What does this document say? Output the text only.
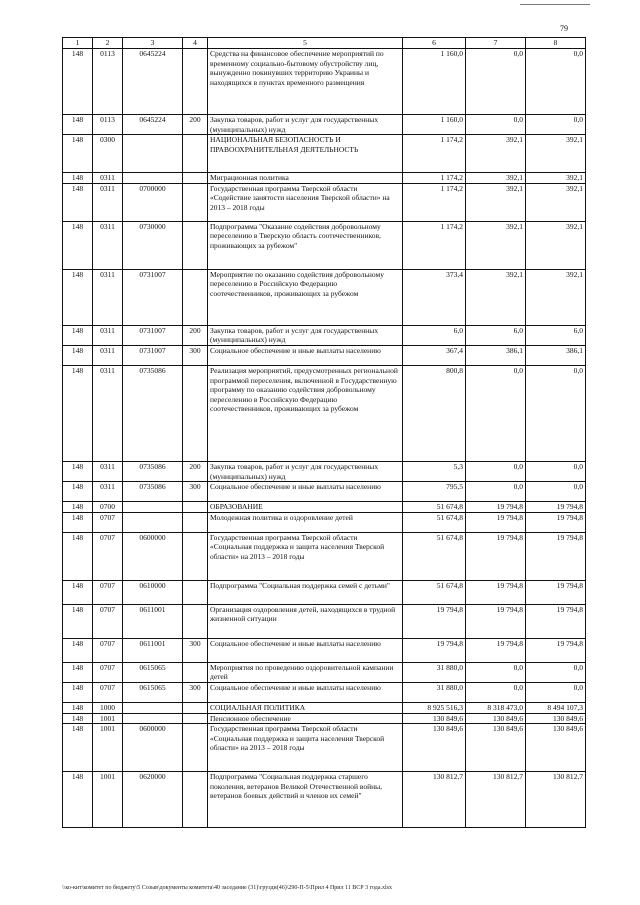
79
1	2	3	4	5	6	7	8
148	0113	0645224		Средства на финансовое обеспечение мероприятий по временному социально-бытовому обустройству лиц, вынужденно покинувших территорию Украины и находящихся в пунктах временного размещения	1 160,0	0,0	0,0
148	0113	0645224	200	Закупка товаров, работ и услуг для государственных (муниципальных) нужд	1 160,0	0,0	0,0
148	0300			НАЦИОНАЛЬНАЯ БЕЗОПАСНОСТЬ И ПРАВООХРАНИТЕЛЬНАЯ ДЕЯТЕЛЬНОСТЬ	1 174,2	392,1	392,1
148	0311			Миграционная политика	1 174,2	392,1	392,1
148	0311	0700000		Государственная программа Тверской области «Содействие занятости населения Тверской области» на 2013 – 2018 годы	1 174,2	392,1	392,1
148	0311	0730000		Подпрограмма "Оказание содействия добровольному переселению в Тверскую область соотечественников, проживающих за рубежом"	1 174,2	392,1	392,1
148	0311	0731007		Мероприятие по оказанию содействия добровольному переселению в Российскую Федерацию соотечественников, проживающих за рубежом	373,4	392,1	392,1
148	0311	0731007	200	Закупка товаров, работ и услуг для государственных (муниципальных) нужд	6,0	6,0	6,0
148	0311	0731007	300	Социальное обеспечение и иные выплаты населению	367,4	386,1	386,1
148	0311	0735086		Реализация мероприятий, предусмотренных региональной программой переселения, включенной в Государственную программу по оказанию содействия добровольному переселению в Российскую Федерацию соотечественников, проживающих за рубежом	800,8	0,0	0,0
148	0311	0735086	200	Закупка товаров, работ и услуг для государственных (муниципальных) нужд	5,3	0,0	0,0
148	0311	0735086	300	Социальное обеспечение и иные выплаты населению	795,5	0,0	0,0
148	0700			ОБРАЗОВАНИЕ	51 674,8	19 794,8	19 794,8
148	0707			Молодежная политика и оздоровление детей	51 674,8	19 794,8	19 794,8
148	0707	0600000		Государственная программа Тверской области «Социальная поддержка и защита населения Тверской области» на 2013 – 2018 годы	51 674,8	19 794,8	19 794,8
148	0707	0610000		Подпрограмма "Социальная поддержка семей с детьми"	51 674,8	19 794,8	19 794,8
148	0707	0611001		Организация оздоровления детей, находящихся в трудной жизненной ситуации	19 794,8	19 794,8	19 794,8
148	0707	0611001	300	Социальное обеспечение и иные выплаты населению	19 794,8	19 794,8	19 794,8
148	0707	0615065		Мероприятия по проведению оздоровительной кампании детей	31 880,0	0,0	0,0
148	0707	0615065	300	Социальное обеспечение и иные выплаты населению	31 880,0	0,0	0,0
148	1000			СОЦИАЛЬНАЯ ПОЛИТИКА	8 925 516,3	8 318 473,0	8 494 107,3
148	1001			Пенсионное обеспечение	130 849,6	130 849,6	130 849,6
148	1001	0600000		Государственная программа Тверской области «Социальная поддержка и защита населения Тверской области» на 2013 – 2018 годы	130 849,6	130 849,6	130 849,6
148	1001	0620000		Подпрограмма "Социальная поддержка старшего поколения, ветеранов Великой Отечественной войны, ветеранов боевых действий и членов их семей"	130 812,7	130 812,7	130 812,7
\\ко-кит\комитет по бюджету\5 Созыв\документы комитета\40 заседание (31)\грузди(46)\290-П-5\Прил 4 Прил 11 ВСР 3 года.xlsx
